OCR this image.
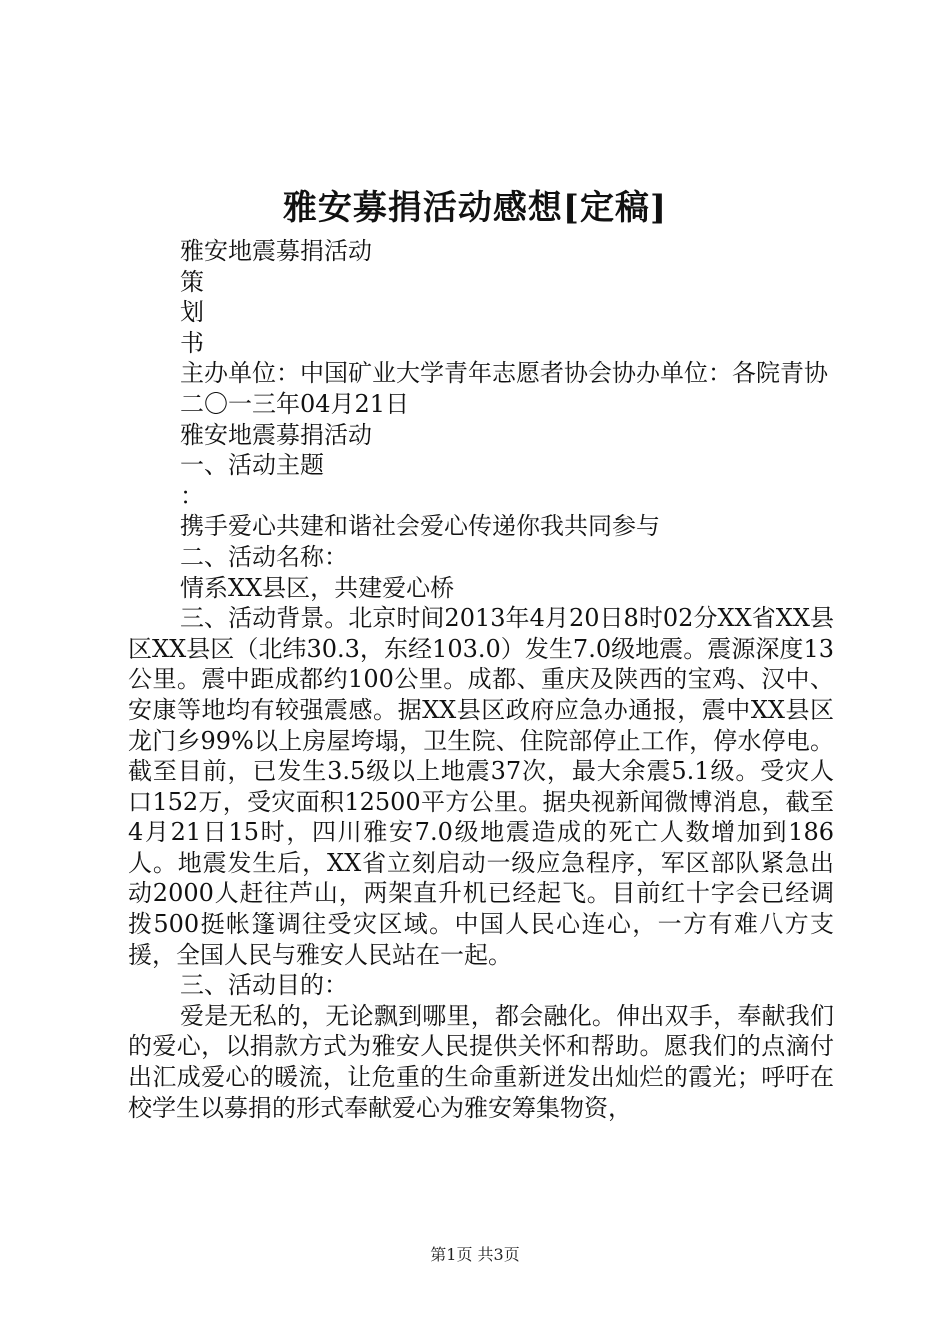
雅安募捐活动感想[定稿]

雅安地震募捐活动

策

划

书

主办单位：中国矿业大学青年志愿者协会协办单位：各院青协

二〇一三年04月21日

雅安地震募捐活动

一、活动主题

：

携手爱心共建和谐社会爱心传递你我共同参与

二、活动名称：

情系XX县区，共建爱心桥

三、活动背景。北京时间2013年4月20日8时02分XX省XX县区XX县区（北纬30.3，东经103.0）发生7.0级地震。震源深度13公里。震中距成都约100公里。成都、重庆及陕西的宝鸡、汉中、安康等地均有较强震感。据XX县区政府应急办通报，震中XX县区龙门乡99%以上房屋垮塌，卫生院、住院部停止工作，停水停电。截至目前，已发生3.5级以上地震37次，最大余震5.1级。受灾人口152万，受灾面积12500平方公里。据央视新闻微博消息，截至4月21日15时，四川雅安7.0级地震造成的死亡人数增加到186人。地震发生后，XX省立刻启动一级应急程序，军区部队紧急出动2000人赶往芦山，两架直升机已经起飞。目前红十字会已经调拨500挺帐篷调往受灾区域。中国人民心连心，一方有难八方支援，全国人民与雅安人民站在一起。

三、活动目的：

爱是无私的，无论飘到哪里，都会融化。伸出双手，奉献我们的爱心，以捐款方式为雅安人民提供关怀和帮助。愿我们的点滴付出汇成爱心的暖流，让危重的生命重新迸发出灿烂的霞光；呼吁在校学生以募捐的形式奉献爱心为雅安筹集物资，

第1页 共3页
